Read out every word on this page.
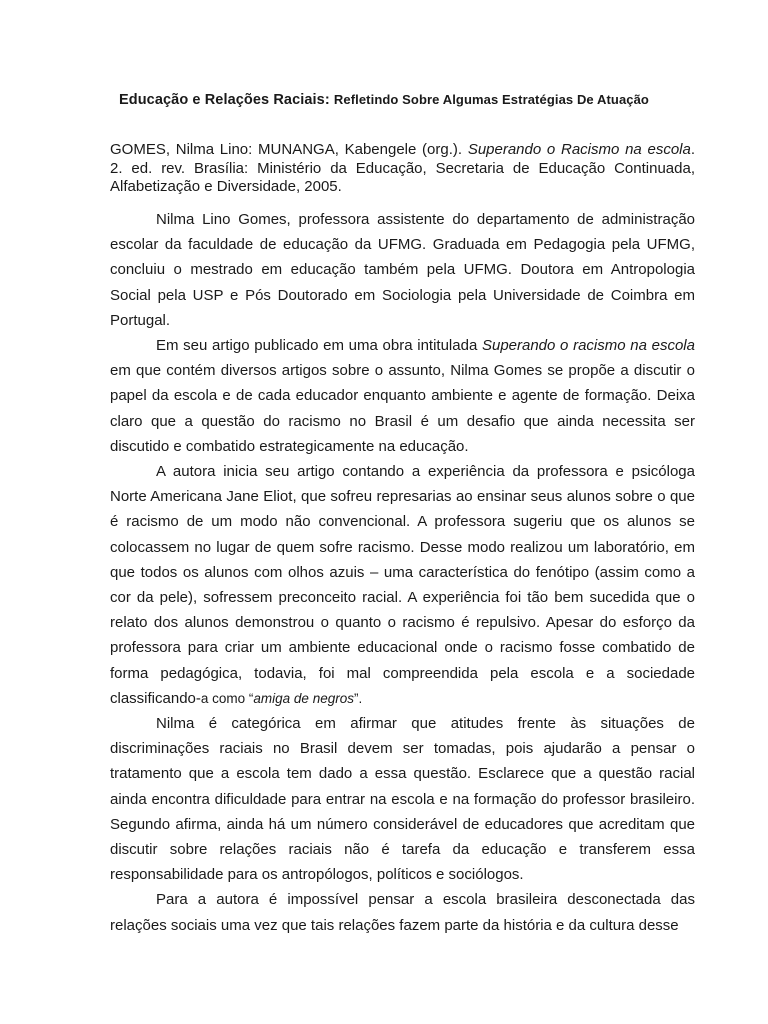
Educação e Relações Raciais: Refletindo Sobre Algumas Estratégias De Atuação
GOMES, Nilma Lino: MUNANGA, Kabengele (org.). Superando o Racismo na escola. 2. ed. rev. Brasília: Ministério da Educação, Secretaria de Educação Continuada, Alfabetização e Diversidade, 2005.

Nilma Lino Gomes, professora assistente do departamento de administração escolar da faculdade de educação da UFMG. Graduada em Pedagogia pela UFMG, concluiu o mestrado em educação também pela UFMG. Doutora em Antropologia Social pela USP e Pós Doutorado em Sociologia pela Universidade de Coimbra em Portugal.

Em seu artigo publicado em uma obra intitulada Superando o racismo na escola em que contém diversos artigos sobre o assunto, Nilma Gomes se propõe a discutir o papel da escola e de cada educador enquanto ambiente e agente de formação. Deixa claro que a questão do racismo no Brasil é um desafio que ainda necessita ser discutido e combatido estrategicamente na educação.

A autora inicia seu artigo contando a experiência da professora e psicóloga Norte Americana Jane Eliot, que sofreu represarias ao ensinar seus alunos sobre o que é racismo de um modo não convencional. A professora sugeriu que os alunos se colocassem no lugar de quem sofre racismo. Desse modo realizou um laboratório, em que todos os alunos com olhos azuis – uma característica do fenótipo (assim como a cor da pele), sofressem preconceito racial. A experiência foi tão bem sucedida que o relato dos alunos demonstrou o quanto o racismo é repulsivo. Apesar do esforço da professora para criar um ambiente educacional onde o racismo fosse combatido de forma pedagógica, todavia, foi mal compreendida pela escola e a sociedade classificando-a como “amiga de negros”.

Nilma é categórica em afirmar que atitudes frente às situações de discriminações raciais no Brasil devem ser tomadas, pois ajudarão a pensar o tratamento que a escola tem dado a essa questão. Esclarece que a questão racial ainda encontra dificuldade para entrar na escola e na formação do professor brasileiro. Segundo afirma, ainda há um número considerável de educadores que acreditam que discutir sobre relações raciais não é tarefa da educação e transferem essa responsabilidade para os antropólogos, políticos e sociólogos.

Para a autora é impossível pensar a escola brasileira desconectada das relações sociais uma vez que tais relações fazem parte da história e da cultura desse
